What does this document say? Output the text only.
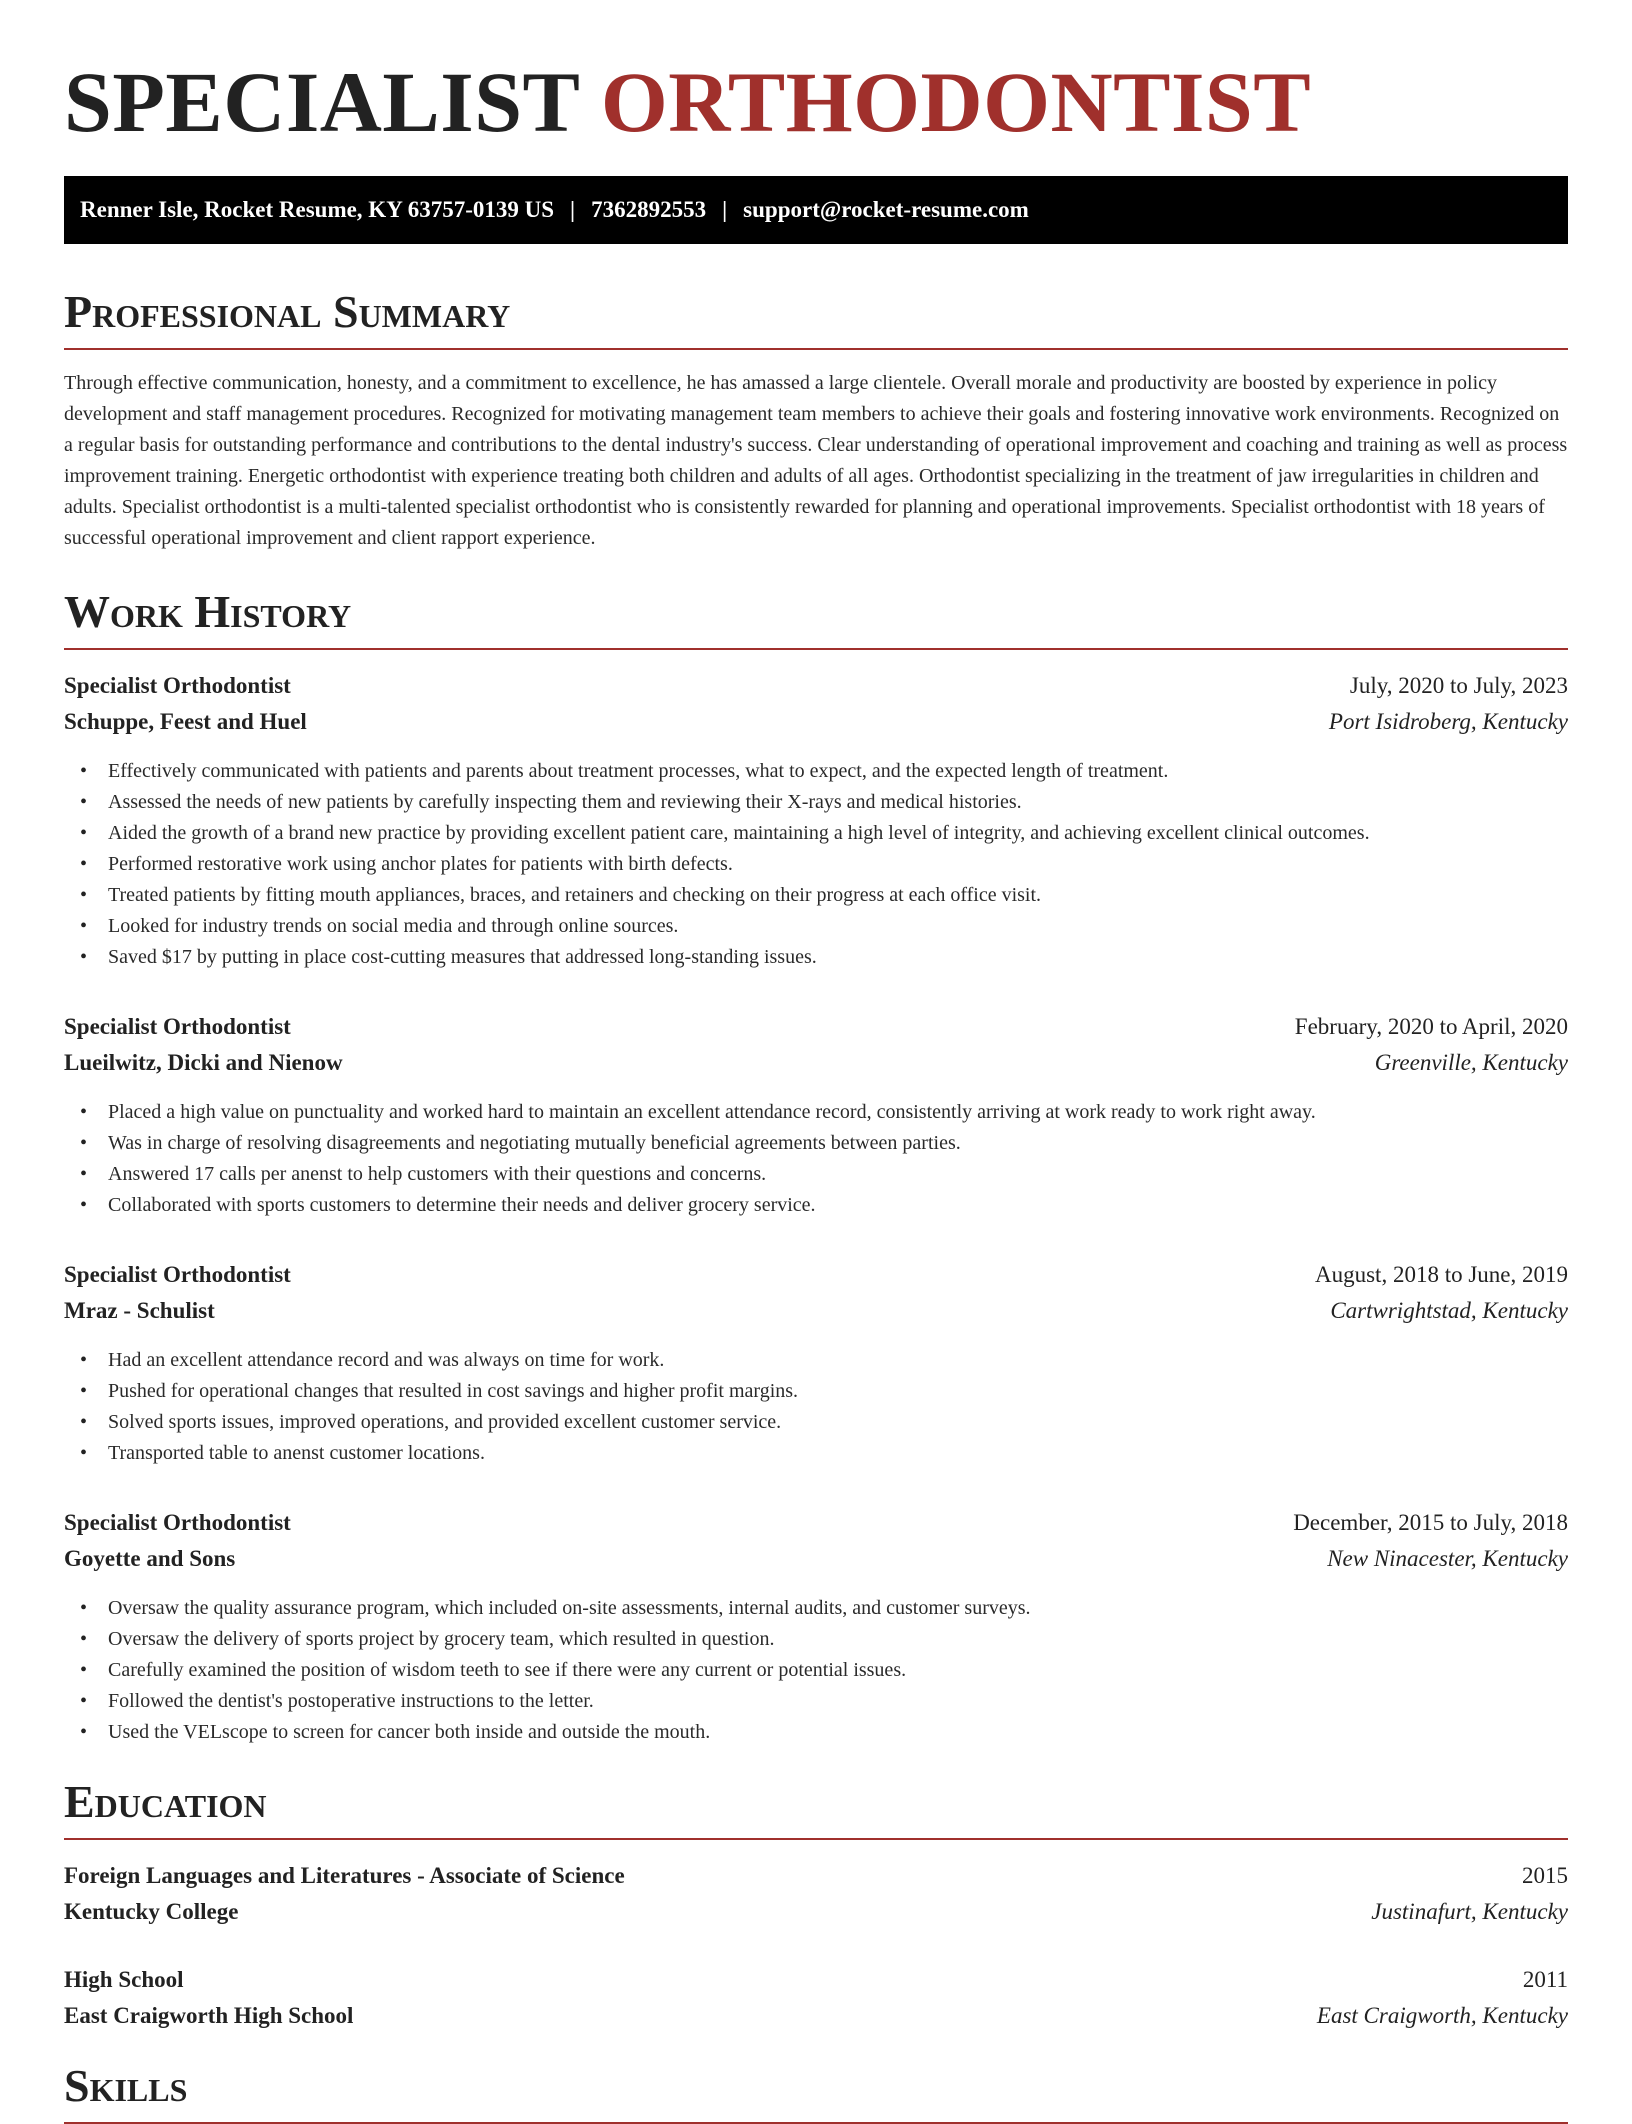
SPECIALIST ORTHODONTIST
Renner Isle, Rocket Resume, KY 63757-0139 US | 7362892553 | support@rocket-resume.com
Professional Summary

Through effective communication, honesty, and a commitment to excellence, he has amassed a large clientele. Overall morale and productivity are boosted by experience in policy development and staff management procedures. Recognized for motivating management team members to achieve their goals and fostering innovative work environments. Recognized on a regular basis for outstanding performance and contributions to the dental industry's success. Clear understanding of operational improvement and coaching and training as well as process improvement training. Energetic orthodontist with experience treating both children and adults of all ages. Orthodontist specializing in the treatment of jaw irregularities in children and adults. Specialist orthodontist is a multi-talented specialist orthodontist who is consistently rewarded for planning and operational improvements. Specialist orthodontist with 18 years of successful operational improvement and client rapport experience.

Work History
Specialist Orthodontist	July, 2020 to July, 2023
Schuppe, Feest and Huel	Port Isidroberg, Kentucky
• Effectively communicated with patients and parents about treatment processes, what to expect, and the expected length of treatment.
• Assessed the needs of new patients by carefully inspecting them and reviewing their X-rays and medical histories.
• Aided the growth of a brand new practice by providing excellent patient care, maintaining a high level of integrity, and achieving excellent clinical outcomes.
• Performed restorative work using anchor plates for patients with birth defects.
• Treated patients by fitting mouth appliances, braces, and retainers and checking on their progress at each office visit.
• Looked for industry trends on social media and through online sources.
• Saved $17 by putting in place cost-cutting measures that addressed long-standing issues.
Specialist Orthodontist	February, 2020 to April, 2020
Lueilwitz, Dicki and Nienow	Greenville, Kentucky
• Placed a high value on punctuality and worked hard to maintain an excellent attendance record, consistently arriving at work ready to work right away.
• Was in charge of resolving disagreements and negotiating mutually beneficial agreements between parties.
• Answered 17 calls per anenst to help customers with their questions and concerns.
• Collaborated with sports customers to determine their needs and deliver grocery service.
Specialist Orthodontist	August, 2018 to June, 2019
Mraz - Schulist	Cartwrightstad, Kentucky
• Had an excellent attendance record and was always on time for work.
• Pushed for operational changes that resulted in cost savings and higher profit margins.
• Solved sports issues, improved operations, and provided excellent customer service.
• Transported table to anenst customer locations.
Specialist Orthodontist	December, 2015 to July, 2018
Goyette and Sons	New Ninacester, Kentucky
• Oversaw the quality assurance program, which included on-site assessments, internal audits, and customer surveys.
• Oversaw the delivery of sports project by grocery team, which resulted in question.
• Carefully examined the position of wisdom teeth to see if there were any current or potential issues.
• Followed the dentist's postoperative instructions to the letter.
• Used the VELscope to screen for cancer both inside and outside the mouth.
Education
Foreign Languages and Literatures - Associate of Science	2015
Kentucky College	Justinafurt, Kentucky
High School	2011
East Craigworth High School	East Craigworth, Kentucky
Skills
